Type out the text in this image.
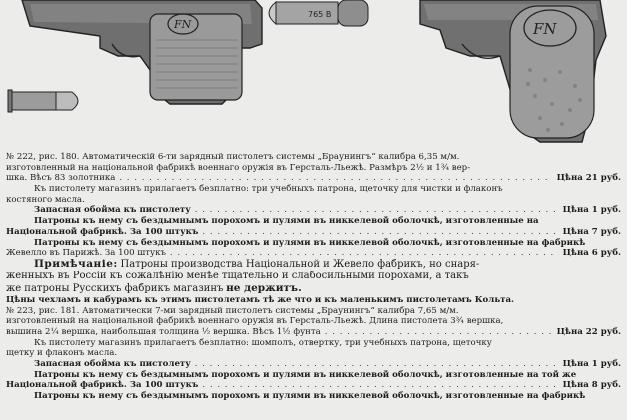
FN
765 B
FN
№ 222, рис. 180. Автоматическій 6-ти зарядный пистолетъ системы „Браунингъ“ калибра 6,35 м/м.
изготовленный на національной фабрикѣ военнаго оружія въ Герсталь-Льежѣ. Размѣръ 2½ и 1¾ вер-
шка. Вѣсъ 83 золотника . . .	Цѣна 21 руб.
Къ пистолету магазинъ прилагаетъ безплатно: три учебныхъ патрона, щеточку для чистки и флаконъ
костяного масла.
Запасная обойма къ пистолету . . .	Цѣна 1 руб.
Патроны къ нему съ бездымнымъ порохомъ и пулями въ никкелевой оболочкѣ, изготовленные на
Національной фабрикѣ. За 100 штукъ . . .	Цѣна 7 руб.
Патроны къ нему съ бездымнымъ порохомъ и пулями въ никкелевой оболочкѣ, изготовленные на фабрикѣ
Жевелло въ Парижѣ. За 100 штукъ . . .	Цѣна 6 руб.
Примѣчаніе: Патроны производства Національной и Жевело фабрикъ, но снаря-
женныхъ въ Россіи къ сожалѣнію менѣе тщательно и слабосильными порохами, а такъ
же патроны Русскихъ фабрикъ магазинъ не держитъ.
Цѣны чехламъ и кабурамъ къ этимъ пистолетамъ тѣ же что и къ маленькимъ пистолетамъ Кольта.
№ 223, рис. 181. Автоматически 7-ми зарядный пистолетъ системы „Браунингъ“ калибра 7,65 м/м.
изготовленный на національной фабрикѣ военнаго оружія въ Герсталь-Льежѣ. Длина пистолета 3¾ вершка,
вышина 2¼ вершка, наибольшая толщина ½ вершка. Вѣсъ 1½ фунта . . .	Цѣна 22 руб.
Къ пистолету магазинъ прилагаетъ безплатно: шомполъ, отвертку, три учебныхъ патрона, щеточку
щетку и флаконъ масла.
Запасная обойма къ пистолету . . .	Цѣна 1 руб.
Патроны къ нему съ бездымнымъ порохомъ и пулями въ никкелевой оболочкѣ, изготовленные на той же
Національной фабрикѣ. За 100 штукъ . . .	Цѣна 8 руб.
Патроны къ нему съ бездымнымъ порохомъ и пулями въ никкелевой оболочкѣ, изготовленные на фабрикѣ
